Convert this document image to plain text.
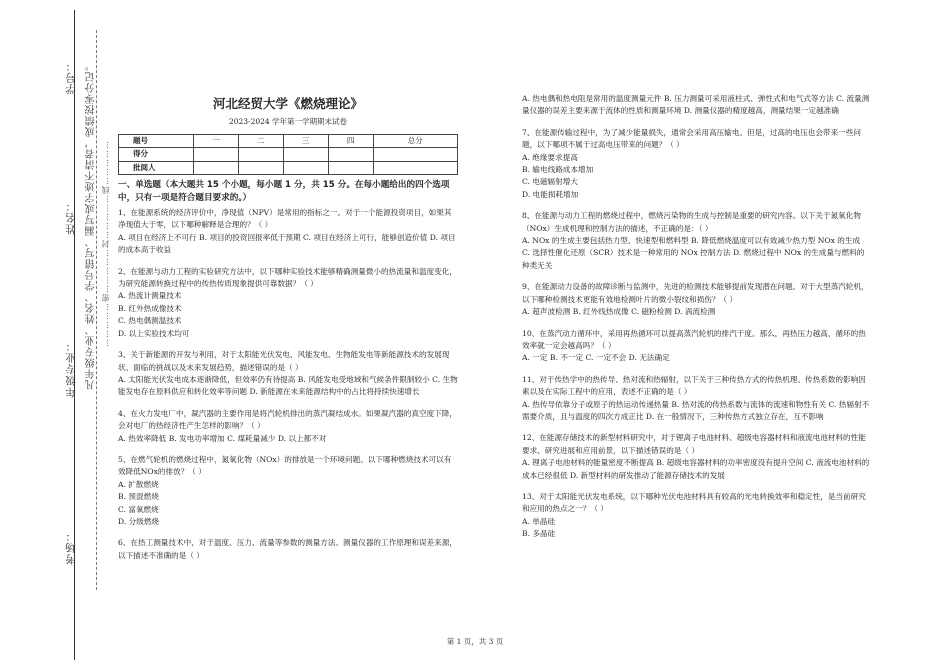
学号： 凡年级专业、姓名、学号错写、漏写或字迹不清者，成绩按零分记。
姓名：
年级专业：
考场：
……………密……………封……………线……………
河北经贸大学《燃烧理论》
2023-2024 学年第一学期期末试卷
题号	一	二	三	四	总分
得分					
批阅人					
一、单选题（本大题共 15 个小题，每小题 1 分，共 15 分。在每小题给出的四个选项中，只有一项是符合题目要求的。）

1、在能源系统的经济评价中，净现值（NPV）是常用的指标之一。对于一个能源投资项目，如果其净现值大于零，以下哪种解释是合理的？（ ）

A. 项目在经济上不可行 B. 项目的投资回报率低于预期 C. 项目在经济上可行，能够创造价值 D. 项目的成本高于收益

2、在能源与动力工程的实验研究方法中，以下哪种实验技术能够精确测量微小的热流量和温度变化，为研究能源转换过程中的传热传质现象提供可靠数据？（ ）

A. 热流计测量技术

B. 红外热成像技术

C. 热电偶测温技术

D. 以上实验技术均可

3、关于新能源的开发与利用，对于太阳能光伏发电、风能发电、生物能发电等新能源技术的发展现状、面临的挑战以及未来发展趋势，描述错误的是（ ）

A. 太阳能光伏发电成本逐渐降低，但效率仍有待提高 B. 风能发电受地域和气候条件限制较小 C. 生物能发电存在原料供应和转化效率等问题 D. 新能源在未来能源结构中的占比将持续快速增长

4、在火力发电厂中，凝汽器的主要作用是将汽轮机排出的蒸汽凝结成水。如果凝汽器的真空度下降，会对电厂的热经济性产生怎样的影响？（ ）

A. 热效率降低 B. 发电功率增加 C. 煤耗量减少 D. 以上都不对

5、在燃气轮机的燃烧过程中，氮氧化物（NOx）的排放是一个环境问题。以下哪种燃烧技术可以有效降低NOx的排放？（ ）

A. 扩散燃烧

B. 预混燃烧

C. 富氧燃烧

D. 分级燃烧

6、在热工测量技术中，对于温度、压力、流量等参数的测量方法、测量仪器的工作原理和误差来源，以下描述不准确的是（ ）

A. 热电偶和热电阻是常用的温度测量元件 B. 压力测量可采用液柱式、弹性式和电气式等方法 C. 流量测量仪器的误差主要来源于流体的性质和测量环境 D. 测量仪器的精度越高，测量结果一定越准确

7、在能源传输过程中，为了减少能量损失，通常会采用高压输电。但是，过高的电压也会带来一些问题，以下哪项不属于过高电压带来的问题？（ ）

A. 绝缘要求提高

B. 输电线路成本增加

C. 电磁辐射增大

D. 电能损耗增加

8、在能源与动力工程的燃烧过程中，燃烧污染物的生成与控制是重要的研究内容。以下关于氮氧化物（NOx）生成机理和控制方法的描述，不正确的是：（ ）

A. NOx 的生成主要包括热力型、快速型和燃料型 B. 降低燃烧温度可以有效减少热力型 NOx 的生成 C. 选择性催化还原（SCR）技术是一种常用的 NOx 控制方法 D. 燃烧过程中 NOx 的生成量与燃料的种类无关

9、在能源动力设备的故障诊断与监测中，先进的检测技术能够提前发现潜在问题。对于大型蒸汽轮机，以下哪种检测技术更能有效地检测叶片的微小裂纹和损伤？（ ）

A. 超声波检测 B. 红外线热成像 C. 磁粉检测 D. 涡流检测

10、在蒸汽动力循环中，采用再热循环可以提高蒸汽轮机的排汽干度。那么，再热压力越高，循环的热效率就一定会越高吗？（ ）

A. 一定 B. 不一定 C. 一定不会 D. 无法确定

11、对于传热学中的热传导、热对流和热辐射，以下关于三种传热方式的传热机理、传热系数的影响因素以及在实际工程中的应用，表述不正确的是（ ）

A. 热传导依靠分子或原子的热运动传递热量 B. 热对流的传热系数与流体的流速和物性有关 C. 热辐射不需要介质，且与温度的四次方成正比 D. 在一般情况下，三种传热方式独立存在，互不影响

12、在能源存储技术的新型材料研究中，对于锂离子电池材料、超级电容器材料和液流电池材料的性能要求、研究进展和应用前景，以下描述错误的是（ ）

A. 锂离子电池材料的能量密度不断提高 B. 超级电容器材料的功率密度没有提升空间 C. 液流电池材料的成本已经很低 D. 新型材料的研发推动了能源存储技术的发展

13、对于太阳能光伏发电系统，以下哪种光伏电池材料具有较高的光电转换效率和稳定性，是当前研究和应用的热点之一？（ ）

A. 单晶硅

B. 多晶硅

第 1 页，共 3 页
